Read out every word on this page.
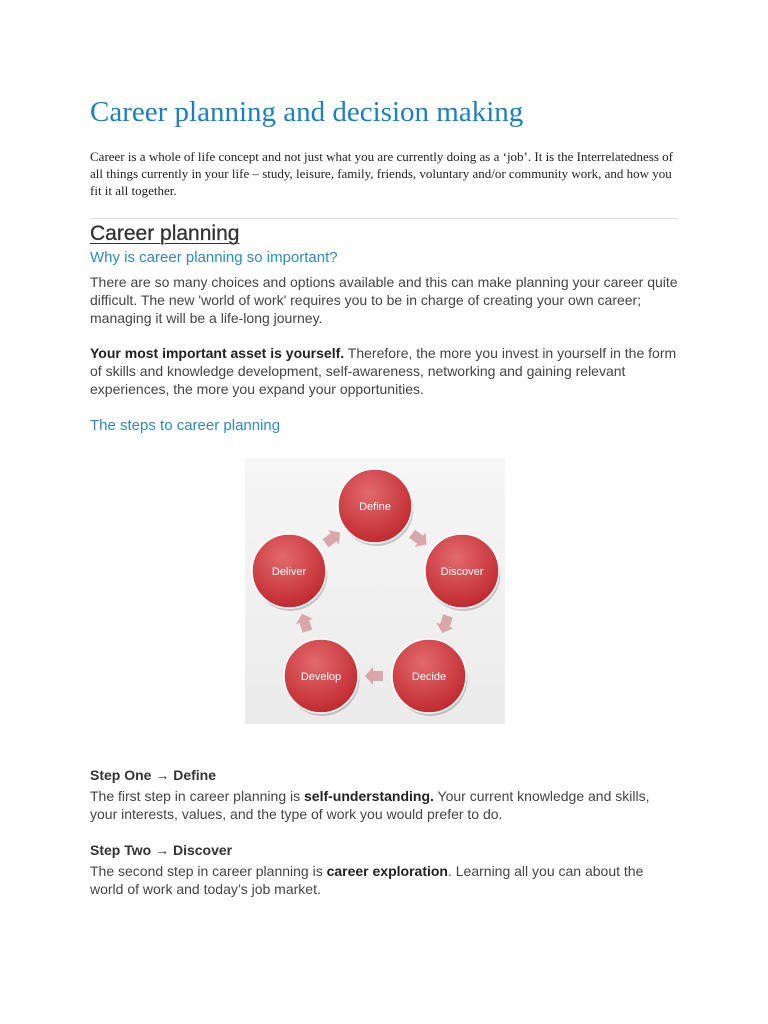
Career planning and decision making

Career is a whole of life concept and not just what you are currently doing as a ‘job’. It is the Interrelatedness of all things currently in your life – study, leisure, family, friends, voluntary and/or community work, and how you fit it all together.

Career planning
Why is career planning so important?

There are so many choices and options available and this can make planning your career quite difficult. The new 'world of work' requires you to be in charge of creating your own career; managing it will be a life-long journey.

Your most important asset is yourself. Therefore, the more you invest in yourself in the form of skills and knowledge development, self-awareness, networking and gaining relevant experiences, the more you expand your opportunities.

The steps to career planning
Define
Discover
Decide
Develop
Deliver
Step One → Define

The first step in career planning is self-understanding. Your current knowledge and skills, your interests, values, and the type of work you would prefer to do.

Step Two → Discover

The second step in career planning is career exploration. Learning all you can about the world of work and today’s job market.
